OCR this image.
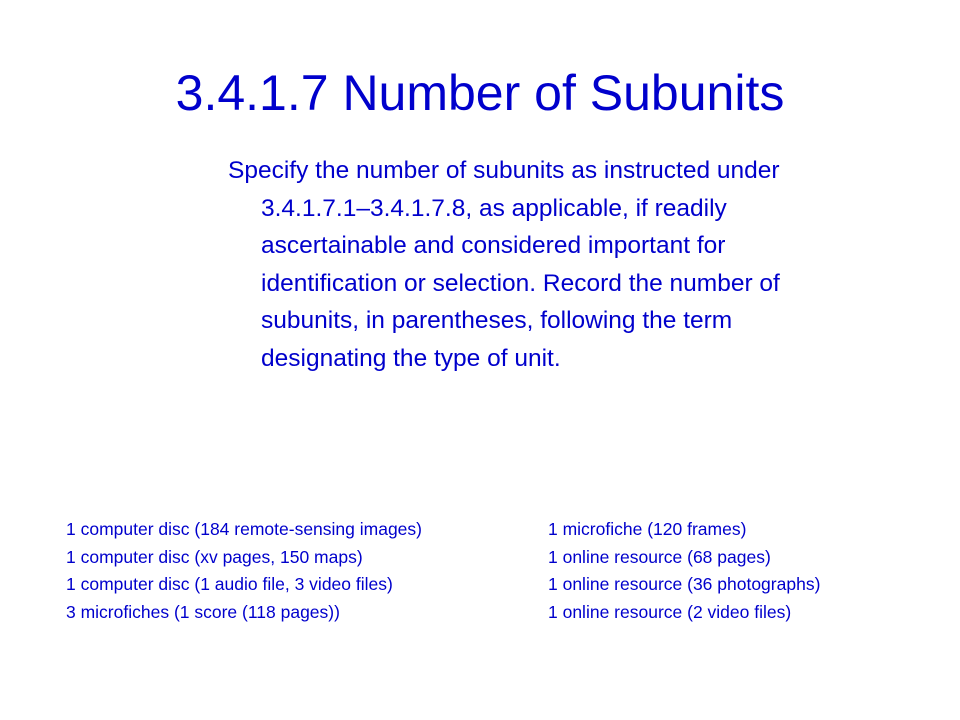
3.4.1.7 Number of Subunits

Specify the number of subunits as instructed under 3.4.1.7.1–3.4.1.7.8, as applicable, if readily ascertainable and considered important for identification or selection. Record the number of subunits, in parentheses, following the term designating the type of unit.

1 computer disc (184 remote-sensing images)
1 computer disc (xv pages, 150 maps)
1 computer disc (1 audio file, 3 video files)
3 microfiches (1 score (118 pages))
1 microfiche (120 frames)
1 online resource (68 pages)
1 online resource (36 photographs)
1 online resource (2 video files)
